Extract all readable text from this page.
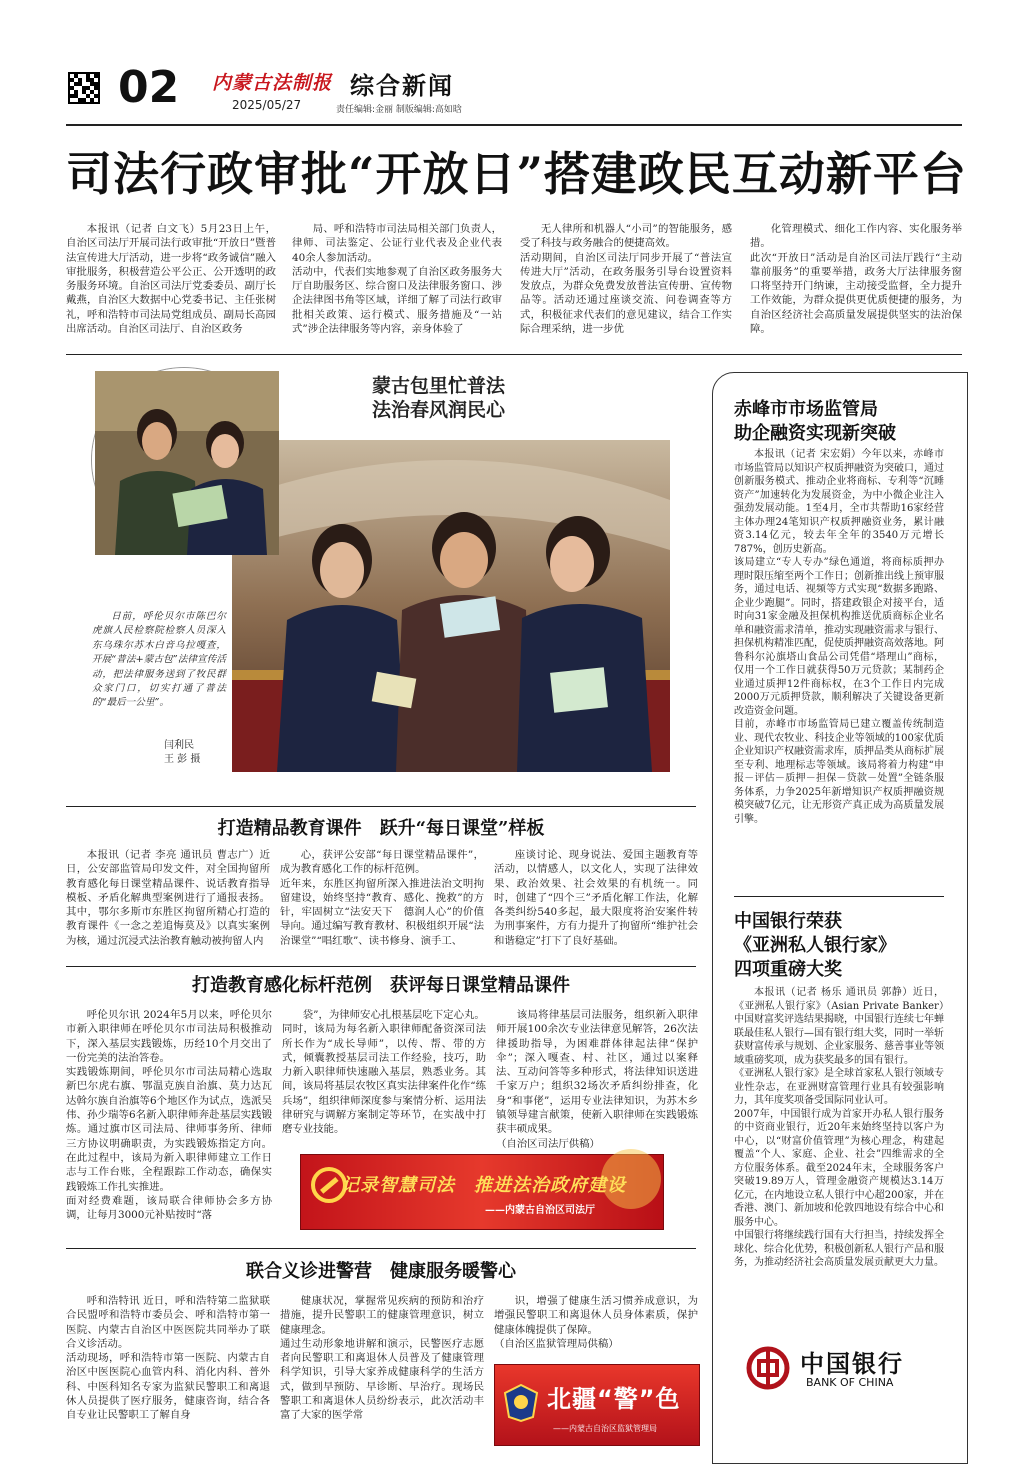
02 内蒙古法制报
2025/05/27
综合新闻
责任编辑:金丽 制版编辑:高如晗
司法行政审批“开放日”搭建政民互动新平台

本报讯（记者 白文飞）5月23日上午，自治区司法厅开展司法行政审批“开放日”暨普法宣传进大厅活动，进一步将“政务诚信”融入审批服务，积极营造公平公正、公开透明的政务服务环境。自治区司法厅党委委员、副厅长戴燕，自治区大数据中心党委书记、主任张树礼，呼和浩特市司法局党组成员、副局长高园出席活动。自治区司法厅、自治区政务

局、呼和浩特市司法局相关部门负责人，律师、司法鉴定、公证行业代表及企业代表40余人参加活动。
活动中，代表们实地参观了自治区政务服务大厅自助服务区、综合窗口及法律服务窗口、涉企法律图书角等区域，详细了解了司法行政审批相关政策、运行模式、服务措施及“一站式”涉企法律服务等内容，亲身体验了

无人律所和机器人“小司”的智能服务，感受了科技与政务融合的便捷高效。
活动期间，自治区司法厅同步开展了“普法宣传进大厅”活动，在政务服务引导台设置资料发放点，为群众免费发放普法宣传册、宣传物品等。活动还通过座谈交流、问卷调查等方式，积极征求代表们的意见建议，结合工作实际合理采纳，进一步优

化管理模式、细化工作内容、实化服务举措。
此次“开放日”活动是自治区司法厅践行“主动靠前服务”的重要举措，政务大厅法律服务窗口将坚持开门纳谏，主动接受监督，全力提升工作效能，为群众提供更优质便捷的服务，为自治区经济社会高质量发展提供坚实的法治保障。

蒙古包里忙普法
法治春风润民心
日前，呼伦贝尔市陈巴尔虎旗人民检察院检察人员深入东乌珠尔苏木白音乌拉嘎查，开展“普法+蒙古包”法律宣传活动，把法律服务送到了牧民群众家门口，切实打通了普法的“最后一公里”。
闫利民
王 彭 摄
赤峰市市场监管局
助企融资实现新突破

本报讯（记者 宋宏娟）今年以来，赤峰市市场监管局以知识产权质押融资为突破口，通过创新服务模式、推动企业将商标、专利等“沉睡资产”加速转化为发展资金，为中小微企业注入强劲发展动能。1至4月，全市共帮助16家经营主体办理24笔知识产权质押融资业务，累计融资3.14亿元，较去年全年的3540万元增长787%，创历史新高。
该局建立“专人专办”绿色通道，将商标质押办理时限压缩至两个工作日；创新推出线上预审服务，通过电话、视频等方式实现“数据多跑路、企业少跑腿”。同时，搭建政银企对接平台，适时向31家金融及担保机构推送优质商标企业名单和融资需求清单，推动实现融资需求与银行、担保机构精准匹配，促使质押融资高效落地。阿鲁科尔沁旗塔山食品公司凭借“塔理山”商标，仅用一个工作日就获得50万元贷款；某制药企业通过质押12件商标权，在3个工作日内完成2000万元质押贷款，顺利解决了关键设备更新改造资金问题。
目前，赤峰市市场监管局已建立覆盖传统制造业、现代农牧业、科技企业等领域的100家优质企业知识产权融资需求库，质押品类从商标扩展至专利、地理标志等领域。该局将着力构建“申报－评估－质押－担保－贷款－处置”全链条服务体系，力争2025年新增知识产权质押融资规模突破7亿元，让无形资产真正成为高质量发展引擎。

中国银行荣获
《亚洲私人银行家》
四项重磅大奖

本报讯（记者 杨乐 通讯员 郭静）近日，《亚洲私人银行家》（Asian Private Banker）中国财富奖评选结果揭晓，中国银行连续七年蝉联最佳私人银行—国有银行组大奖，同时一举斩获财富传承与规划、企业家服务、慈善事业等领域重磅奖项，成为获奖最多的国有银行。
《亚洲私人银行家》是全球首家私人银行领域专业性杂志，在亚洲财富管理行业具有较强影响力，其年度奖项备受国际同业认可。
2007年，中国银行成为首家开办私人银行服务的中资商业银行，近20年来始终坚持以客户为中心，以“财富价值管理”为核心理念，构建起覆盖“个人、家庭、企业、社会”四维需求的全方位服务体系。截至2024年末，全球服务客户突破19.89万人，管理金融资产规模达3.14万亿元，在内地设立私人银行中心超200家，并在香港、澳门、新加坡和伦敦四地设有综合中心和服务中心。
中国银行将继续践行国有大行担当，持续发挥全球化、综合化优势，积极创新私人银行产品和服务，为推动经济社会高质量发展贡献更大力量。

中国银行
BANK OF CHINA
打造精品教育课件　跃升“每日课堂”样板

本报讯（记者 李亮 通讯员 曹志广）近日，公安部监管局印发文件，对全国拘留所教育感化每日课堂精品课件、说话教育指导模板、矛盾化解典型案例进行了通报表扬。其中，鄂尔多斯市东胜区拘留所精心打造的教育课件《一念之差追悔莫及》以真实案例为核，通过沉浸式法治教育触动被拘留人内

心，获评公安部“每日课堂精品课件”，成为教育感化工作的标杆范例。
近年来，东胜区拘留所深入推进法治文明拘留建设，始终坚持“教育、感化、挽救”的方针，牢固树立“法安天下　德润人心”的价值导向。通过编写教育教材、积极组织开展“法治课堂”“唱红歌”、读书修身、演手工、

座谈讨论、现身说法、爱国主题教育等活动，以情感人，以文化人，实现了法律效果、政治效果、社会效果的有机统一。同时，创建了“四个三”矛盾化解工作法，化解各类纠纷540多起，最大限度将治安案件转为刑事案件，方有力提升了拘留所“维护社会和谐稳定”打下了良好基础。

打造教育感化标杆范例　获评每日课堂精品课件

呼伦贝尔讯 2024年5月以来，呼伦贝尔市新入职律师在呼伦贝尔市司法局积极推动下，深入基层实践锻炼，历经10个月交出了一份完美的法治答卷。
实践锻炼期间，呼伦贝尔市司法局精心选取新巴尔虎右旗、鄂温克族自治旗、莫力达瓦达斡尔族自治旗等6个地区作为试点，选派吴伟、孙少瑞等6名新入职律师奔赴基层实践锻炼。通过旗市区司法局、律师事务所、律师三方协议明确职责，为实践锻炼指定方向。在此过程中，该局为新入职律师建立工作日志与工作台账，全程跟踪工作动态，确保实践锻炼工作扎实推进。
面对经费难题，该局联合律师协会多方协调，让每月3000元补贴按时“落

袋”，为律师安心扎根基层吃下定心丸。
同时，该局为每名新入职律师配备资深司法所长作为“成长导师”，以传、帮、带的方式，倾囊教授基层司法工作经验，技巧，助力新入职律师快速融入基层，熟悉业务。其间，该局将基层农牧区真实法律案件化作“练兵场”，组织律师深度参与案情分析、运用法律研究与调解方案制定等环节，在实战中打磨专业技能。

该局将律基层司法服务，组织新入职律师开展100余次专业法律意见解答，26次法律援助指导，为困难群体律起法律“保护伞”；深入嘎查、村、社区，通过以案释法、互动问答等多种形式，将法律知识送进千家万户；组织32场次矛盾纠纷排查，化身“和事佬”，运用专业法律知识，为苏木乡镇领导建言献策，使新入职律师在实践锻炼获丰硕成果。
（自治区司法厅供稿）

记录智慧司法　推进法治政府建设
——内蒙古自治区司法厅
联合义诊进警营　健康服务暖警心

呼和浩特讯 近日，呼和浩特第二监狱联合民盟呼和浩特市委员会、呼和浩特市第一医院、内蒙古自治区中医医院共同举办了联合义诊活动。
活动现场，呼和浩特市第一医院、内蒙古自治区中医医院心血管内科、消化内科、普外科、中医科知名专家为监狱民警职工和离退休人员提供了医疗服务，健康咨询，结合各自专业让民警职工了解自身

健康状况，掌握常见疾病的预防和治疗措施，提升民警职工的健康管理意识，树立健康理念。
通过生动形象地讲解和演示，民警医疗志愿者向民警职工和离退休人员普及了健康管理科学知识，引导大家养成健康科学的生活方式，做到早预防、早诊断、早治疗。现场民警职工和离退休人员纷纷表示，此次活动丰富了大家的医学常

识，增强了健康生活习惯养成意识，为增强民警职工和离退休人员身体素质，保护健康体魄提供了保障。
（自治区监狱管理局供稿）

北疆“警”色
——内蒙古自治区监狱管理局
